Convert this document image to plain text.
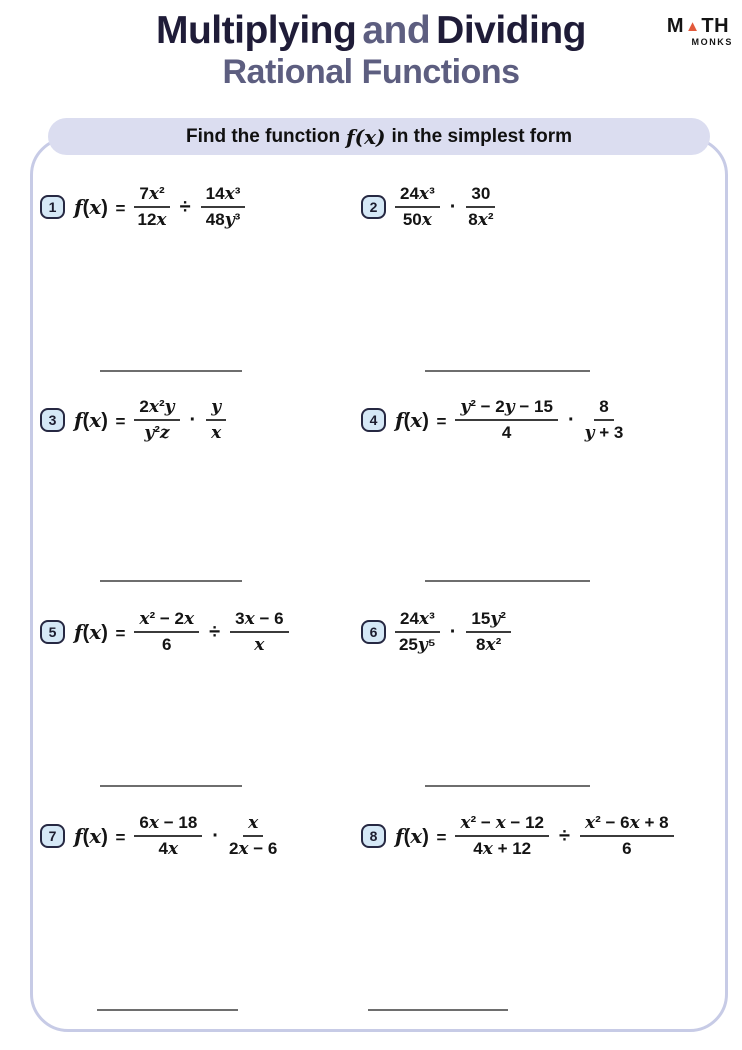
Multiplying and Dividing
Rational Functions
M ▲ TH
MONKS
Find the function f(x) in the simplest form
1 $f(x) = \frac{\text{7x²}}{12x} \div \frac{\text{14x³}}{\text{48y³}}$	2	$\frac{\text{24x³}}{50x} \cdot \frac{30}{\text{8x²}}$
3 $f(x) = \frac{\text{2x²y}}{\text{y²z}} \cdot \frac{y}{x}$	4 $f(x) = \frac{\text{y² − 2y − 15}}{4} \cdot \frac{8}{y + 3}$
5 $f(x) = \frac{\text{x² − 2x}}{6} \div \frac{3x - 6}{x}$	6	$\frac{\text{24x³}}{\text{25y⁵}} \cdot \frac{\text{15y²}}{\text{8x²}}$
7 $f(x) = \frac{6x - 18}{4x} \cdot \frac{x}{2x - 6}$	8 $f(x) = \frac{\text{x² − x − 12}}{4x + 12} \div \frac{\text{x² − 6x + 8}}{6}$
